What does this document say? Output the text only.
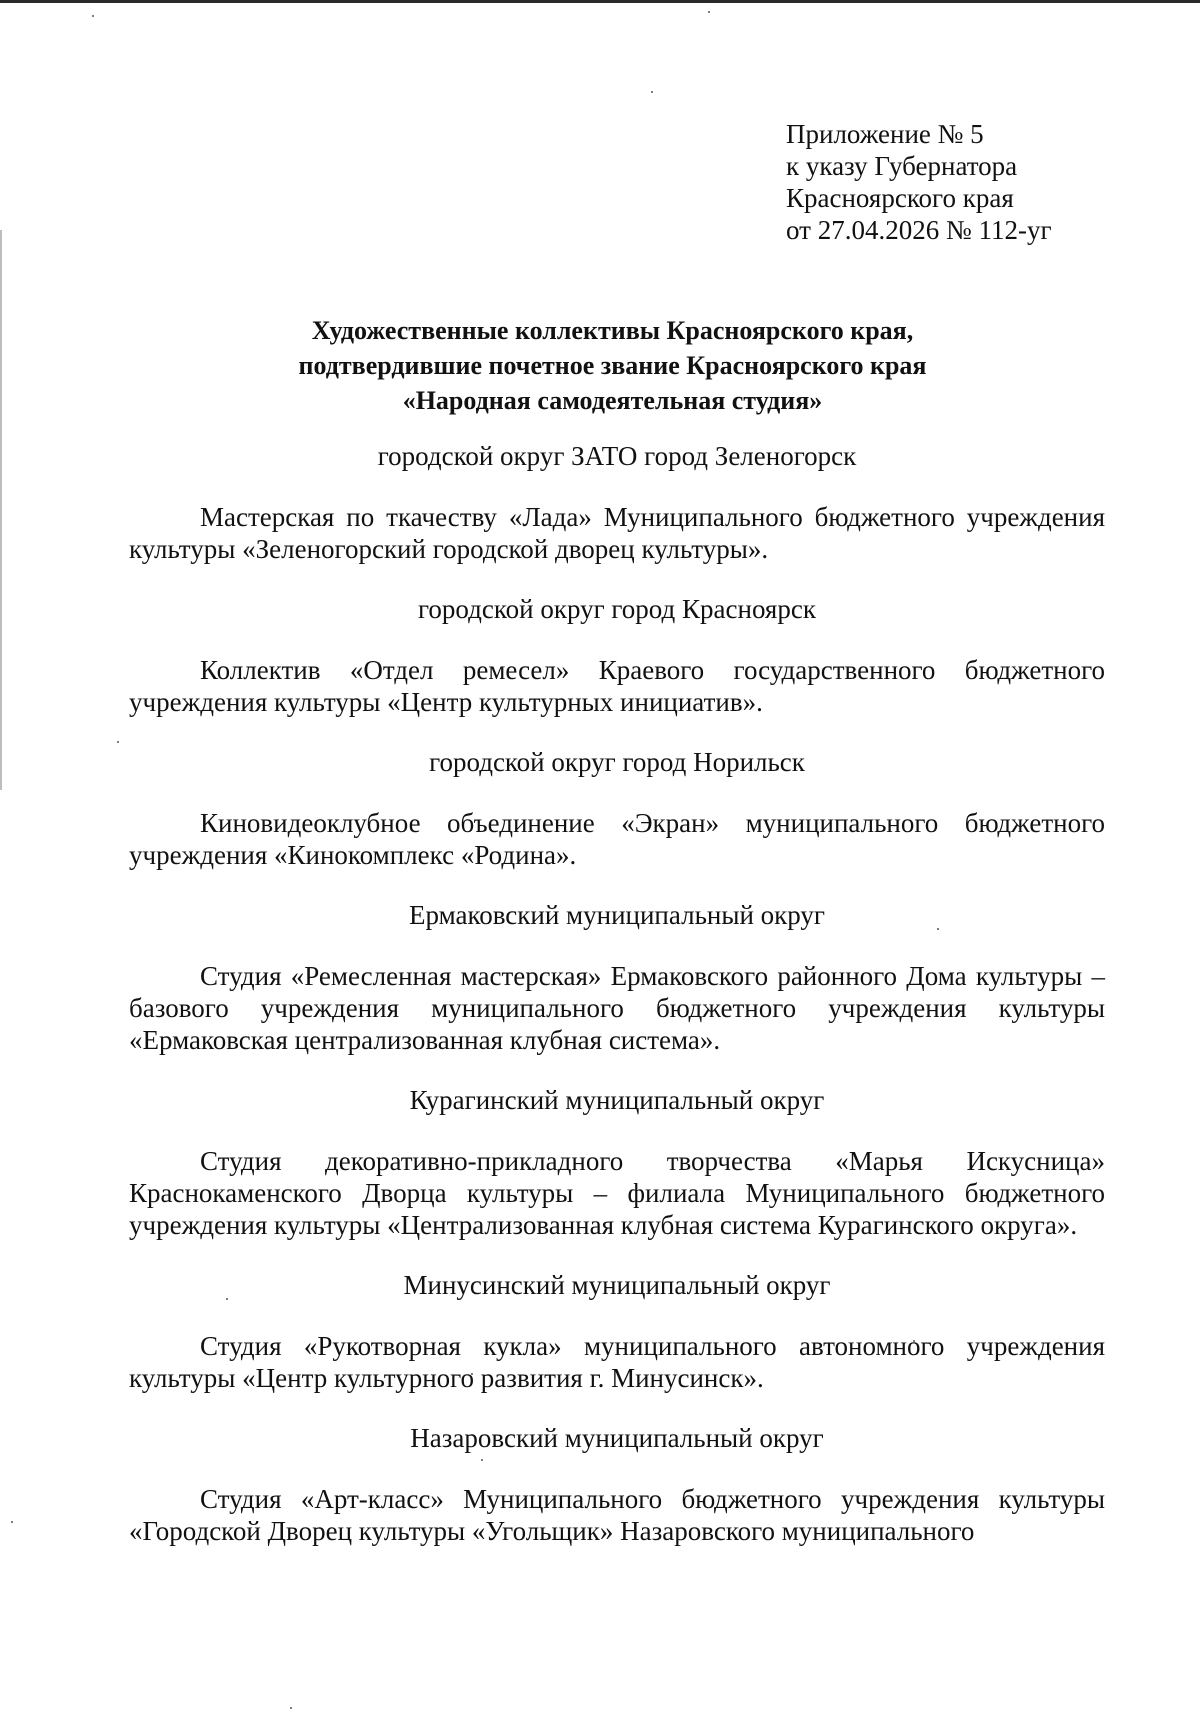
Приложение № 5
к указу Губернатора
Красноярского края
от 27.04.2026 № 112-уг
Художественные коллективы Красноярского края,
подтвердившие почетное звание Красноярского края
«Народная самодеятельная студия»

городской округ ЗАТО город Зеленогорск

Мастерская по ткачеству «Лада» Муниципального бюджетного учреждения культуры «Зеленогорский городской дворец культуры».

городской округ город Красноярск

Коллектив «Отдел ремесел» Краевого государственного бюджетного учреждения культуры «Центр культурных инициатив».

городской округ город Норильск

Киновидеоклубное объединение «Экран» муниципального бюджетного учреждения «Кинокомплекс «Родина».

Ермаковский муниципальный округ

Студия «Ремесленная мастерская» Ермаковского районного Дома культуры – базового учреждения муниципального бюджетного учреждения культуры «Ермаковская централизованная клубная система».

Курагинский муниципальный округ

Студия декоративно-прикладного творчества «Марья Искусница» Краснокаменского Дворца культуры – филиала Муниципального бюджетного учреждения культуры «Централизованная клубная система Курагинского округа».

Минусинский муниципальный округ

Студия «Рукотворная кукла» муниципального автономного учреждения культуры «Центр культурного развития г. Минусинск».

Назаровский муниципальный округ

Студия «Арт-класс» Муниципального бюджетного учреждения культуры «Городской Дворец культуры «Угольщик» Назаровского муниципального
